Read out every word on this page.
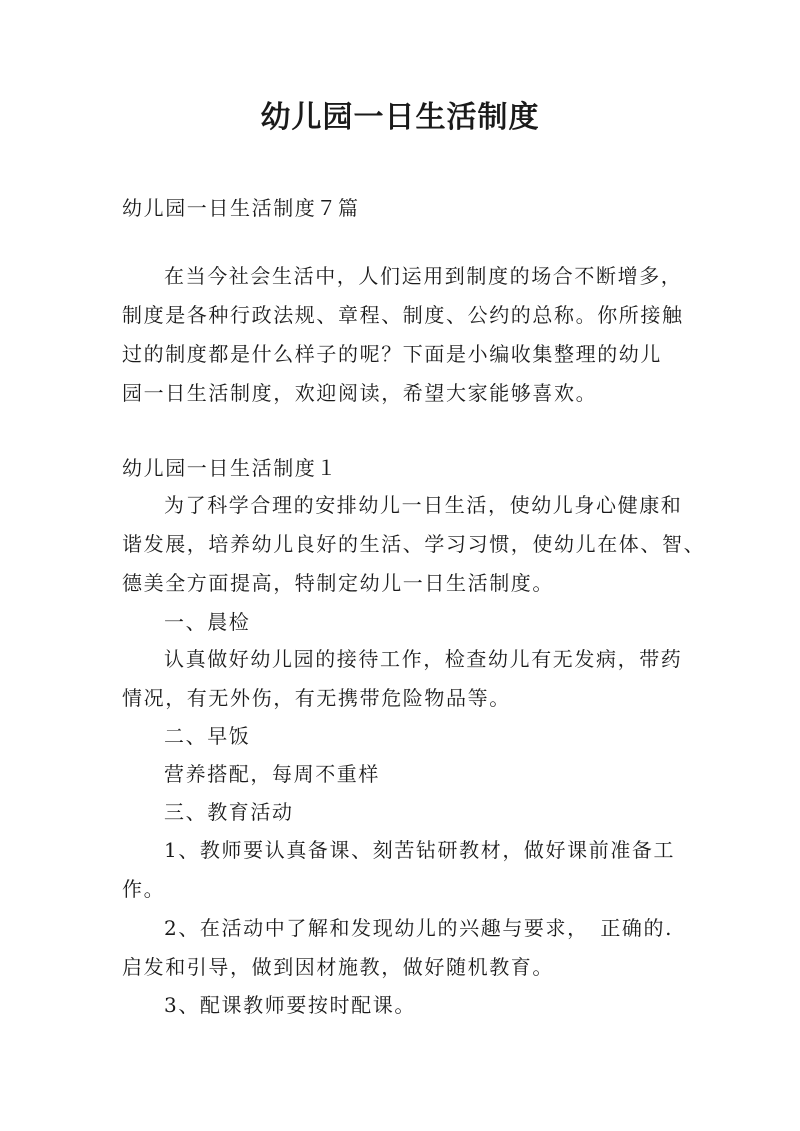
幼儿园一日生活制度
幼儿园一日生活制度７篇
在当今社会生活中，人们运用到制度的场合不断增多，
制度是各种行政法规、章程、制度、公约的总称。你所接触
过的制度都是什么样子的呢？下面是小编收集整理的幼儿
园一日生活制度，欢迎阅读，希望大家能够喜欢。
幼儿园一日生活制度１
为了科学合理的安排幼儿一日生活，使幼儿身心健康和
谐发展，培养幼儿良好的生活、学习习惯，使幼儿在体、智、
德美全方面提高，特制定幼儿一日生活制度。
一、晨检
认真做好幼儿园的接待工作，检查幼儿有无发病，带药
情况，有无外伤，有无携带危险物品等。
二、早饭
营养搭配，每周不重样
三、教育活动
1、教师要认真备课、刻苦钻研教材，做好课前准备工
作。
2、在活动中了解和发现幼儿的兴趣与要求，　正确的.
启发和引导，做到因材施教，做好随机教育。
3、配课教师要按时配课。
